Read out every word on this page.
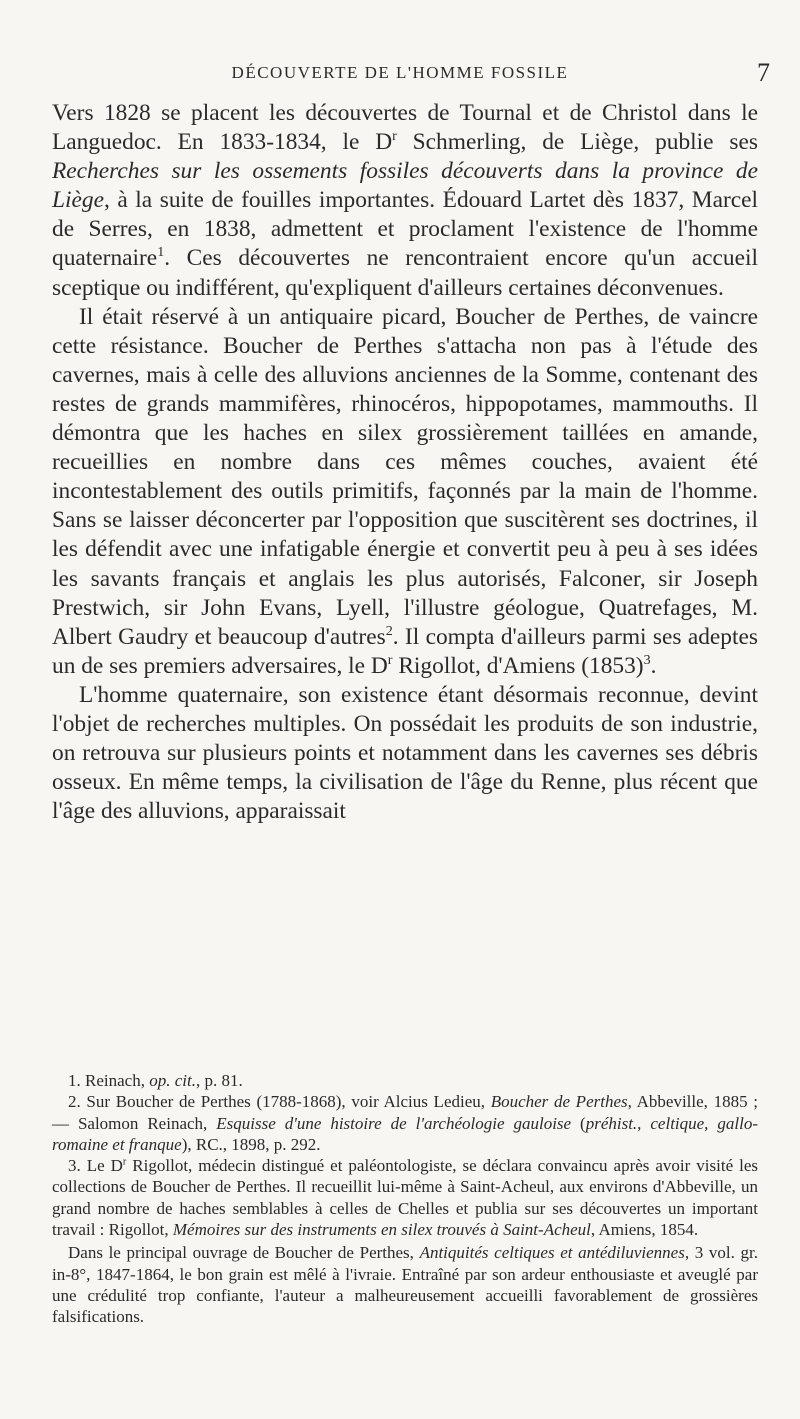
DÉCOUVERTE DE L'HOMME FOSSILE	7

Vers 1828 se placent les découvertes de Tournal et de Christol dans le Languedoc. En 1833-1834, le $D^r$ Schmerling, de Liège, publie ses Recherches sur les ossements fossiles découverts dans la province de Liège, à la suite de fouilles importantes. Édouard Lartet dès 1837, Marcel de Serres, en 1838, admettent et proclament l'existence de l'homme quaternaire$^1$. Ces découvertes ne rencontraient encore qu'un accueil sceptique ou indifférent, qu'expliquent d'ailleurs certaines déconvenues.

Il était réservé à un antiquaire picard, Boucher de Perthes, de vaincre cette résistance. Boucher de Perthes s'attacha non pas à l'étude des cavernes, mais à celle des alluvions anciennes de la Somme, contenant des restes de grands mammifères, rhinocéros, hippopotames, mammouths. Il démontra que les haches en silex grossièrement taillées en amande, recueillies en nombre dans ces mêmes couches, avaient été incontestablement des outils primitifs, façonnés par la main de l'homme. Sans se laisser déconcerter par l'opposition que suscitèrent ses doctrines, il les défendit avec une infatigable énergie et convertit peu à peu à ses idées les savants français et anglais les plus autorisés, Falconer, sir Joseph Prestwich, sir John Evans, Lyell, l'illustre géologue, Quatrefages, M. Albert Gaudry et beaucoup d'autres$^2$. Il compta d'ailleurs parmi ses adeptes un de ses premiers adversaires, le $D^r$ Rigollot, d'Amiens $(1853)^3$.

L'homme quaternaire, son existence étant désormais reconnue, devint l'objet de recherches multiples. On possédait les produits de son industrie, on retrouva sur plusieurs points et notamment dans les cavernes ses débris osseux. En même temps, la civilisation de l'âge du Renne, plus récent que l'âge des alluvions, apparaissait

1. Reinach, op. cit., p. 81.

2. Sur Boucher de Perthes (1788-1868), voir Alcius Ledieu, Boucher de Perthes, Abbeville, 1885 ; — Salomon Reinach, Esquisse d'une histoire de l'archéologie gauloise (préhist., celtique, gallo-romaine et franque), RC., 1898, p. 292.

3. Le $D^r$ Rigollot, médecin distingué et paléontologiste, se déclara convaincu après avoir visité les collections de Boucher de Perthes. Il recueillit lui-même à Saint-Acheul, aux environs d'Abbeville, un grand nombre de haches semblables à celles de Chelles et publia sur ses découvertes un important travail : Rigollot, Mémoires sur des instruments en silex trouvés à Saint-Acheul, Amiens, 1854.

Dans le principal ouvrage de Boucher de Perthes, Antiquités celtiques et antédiluviennes, 3 vol. gr. in-8°, 1847-1864, le bon grain est mêlé à l'ivraie. Entraîné par son ardeur enthousiaste et aveuglé par une crédulité trop confiante, l'auteur a malheureusement accueilli favorablement de grossières falsifications.
